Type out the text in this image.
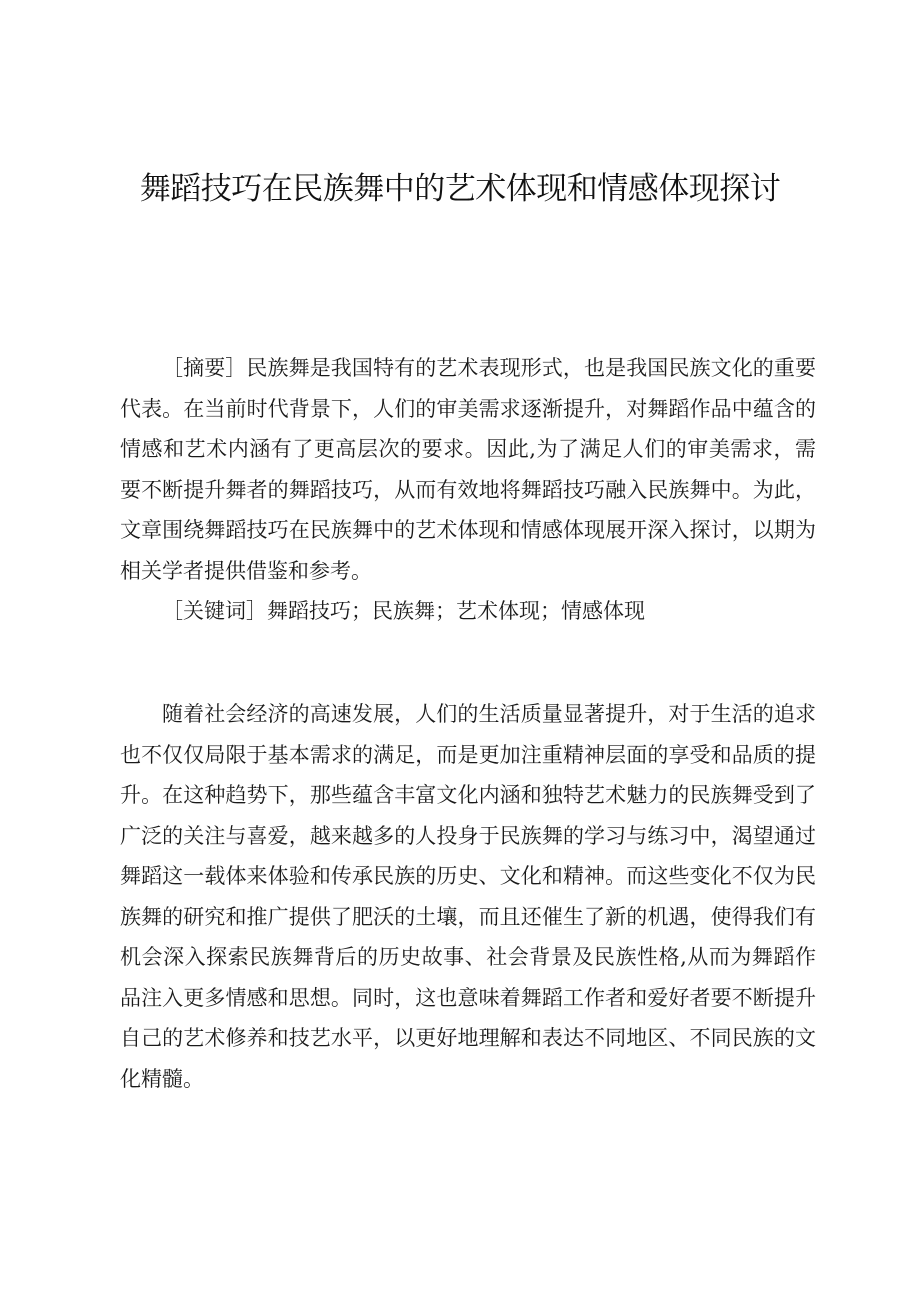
舞蹈技巧在民族舞中的艺术体现和情感体现探讨

［摘要］民族舞是我国特有的艺术表现形式，也是我国民族文化的重要代表。在当前时代背景下，人们的审美需求逐渐提升，对舞蹈作品中蕴含的情感和艺术内涵有了更高层次的要求。因此,为了满足人们的审美需求，需要不断提升舞者的舞蹈技巧，从而有效地将舞蹈技巧融入民族舞中。为此，文章围绕舞蹈技巧在民族舞中的艺术体现和情感体现展开深入探讨，以期为相关学者提供借鉴和参考。

［关键词］舞蹈技巧；民族舞；艺术体现；情感体现

随着社会经济的高速发展，人们的生活质量显著提升，对于生活的追求也不仅仅局限于基本需求的满足，而是更加注重精神层面的享受和品质的提升。在这种趋势下，那些蕴含丰富文化内涵和独特艺术魅力的民族舞受到了广泛的关注与喜爱，越来越多的人投身于民族舞的学习与练习中，渴望通过舞蹈这一载体来体验和传承民族的历史、文化和精神。而这些变化不仅为民族舞的研究和推广提供了肥沃的土壤，而且还催生了新的机遇，使得我们有机会深入探索民族舞背后的历史故事、社会背景及民族性格,从而为舞蹈作品注入更多情感和思想。同时，这也意味着舞蹈工作者和爱好者要不断提升自己的艺术修养和技艺水平，以更好地理解和表达不同地区、不同民族的文化精髓。
